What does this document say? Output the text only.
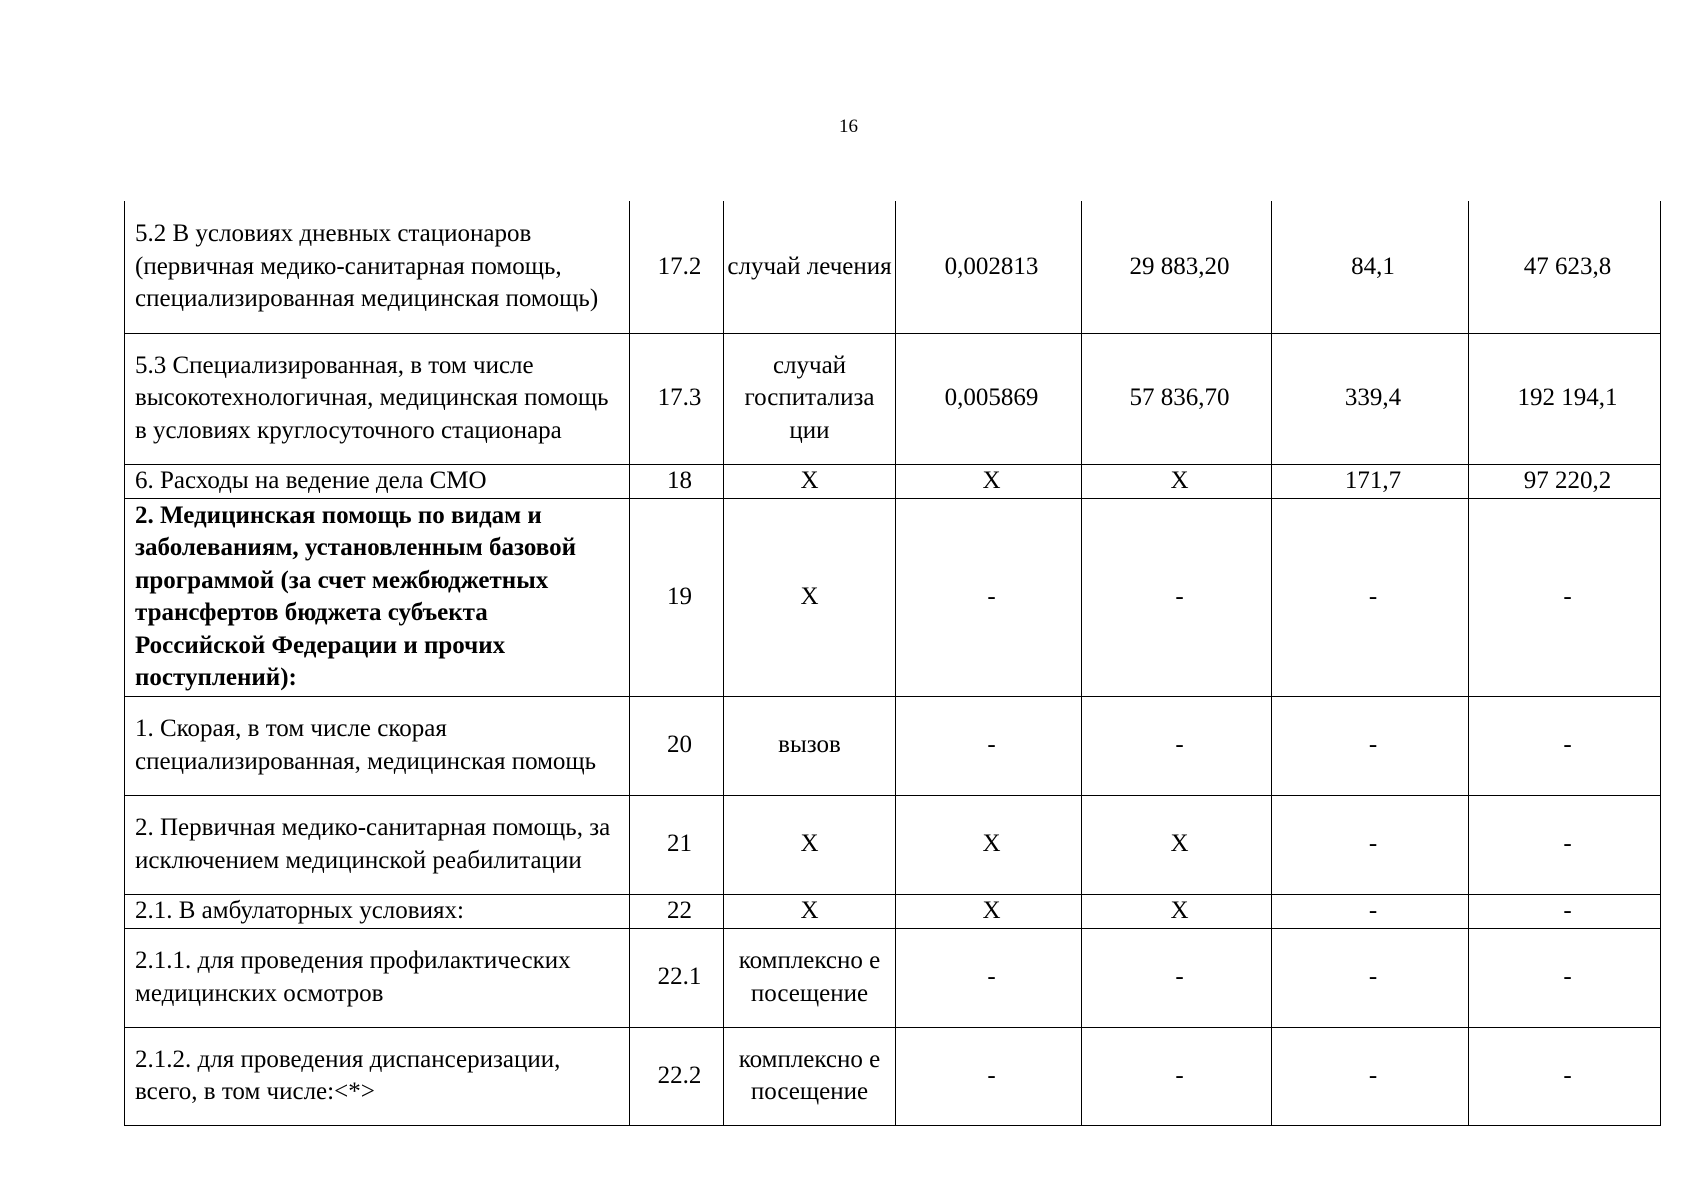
16
5.2 В условиях дневных стационаров (первичная медико-санитарная помощь, специализированная медицинская помощь)	17.2	случай лечения	0,002813	29 883,20	84,1	47 623,8
5.3 Специализированная, в том числе высокотехнологичная, медицинская помощь в условиях круглосуточного стационара	17.3	случай госпитализа ции	0,005869	57 836,70	339,4	192 194,1
6. Расходы на ведение дела СМО	18	X	X	X	171,7	97 220,2
2. Медицинская помощь по видам и заболеваниям, установленным базовой программой (за счет межбюджетных трансфертов бюджета субъекта Российской Федерации и прочих поступлений):	19	X	-	-	-	-
1. Скорая, в том числе скорая специализированная, медицинская помощь	20	вызов	-	-	-	-
2. Первичная медико-санитарная помощь, за исключением медицинской реабилитации	21	X	X	X	-	-
2.1. В амбулаторных условиях:	22	X	X	X	-	-
2.1.1. для проведения профилактических медицинских осмотров	22.1	комплексно е посещение	-	-	-	-
2.1.2. для проведения диспансеризации, всего, в том числе:<*>	22.2	комплексно е посещение	-	-	-	-
